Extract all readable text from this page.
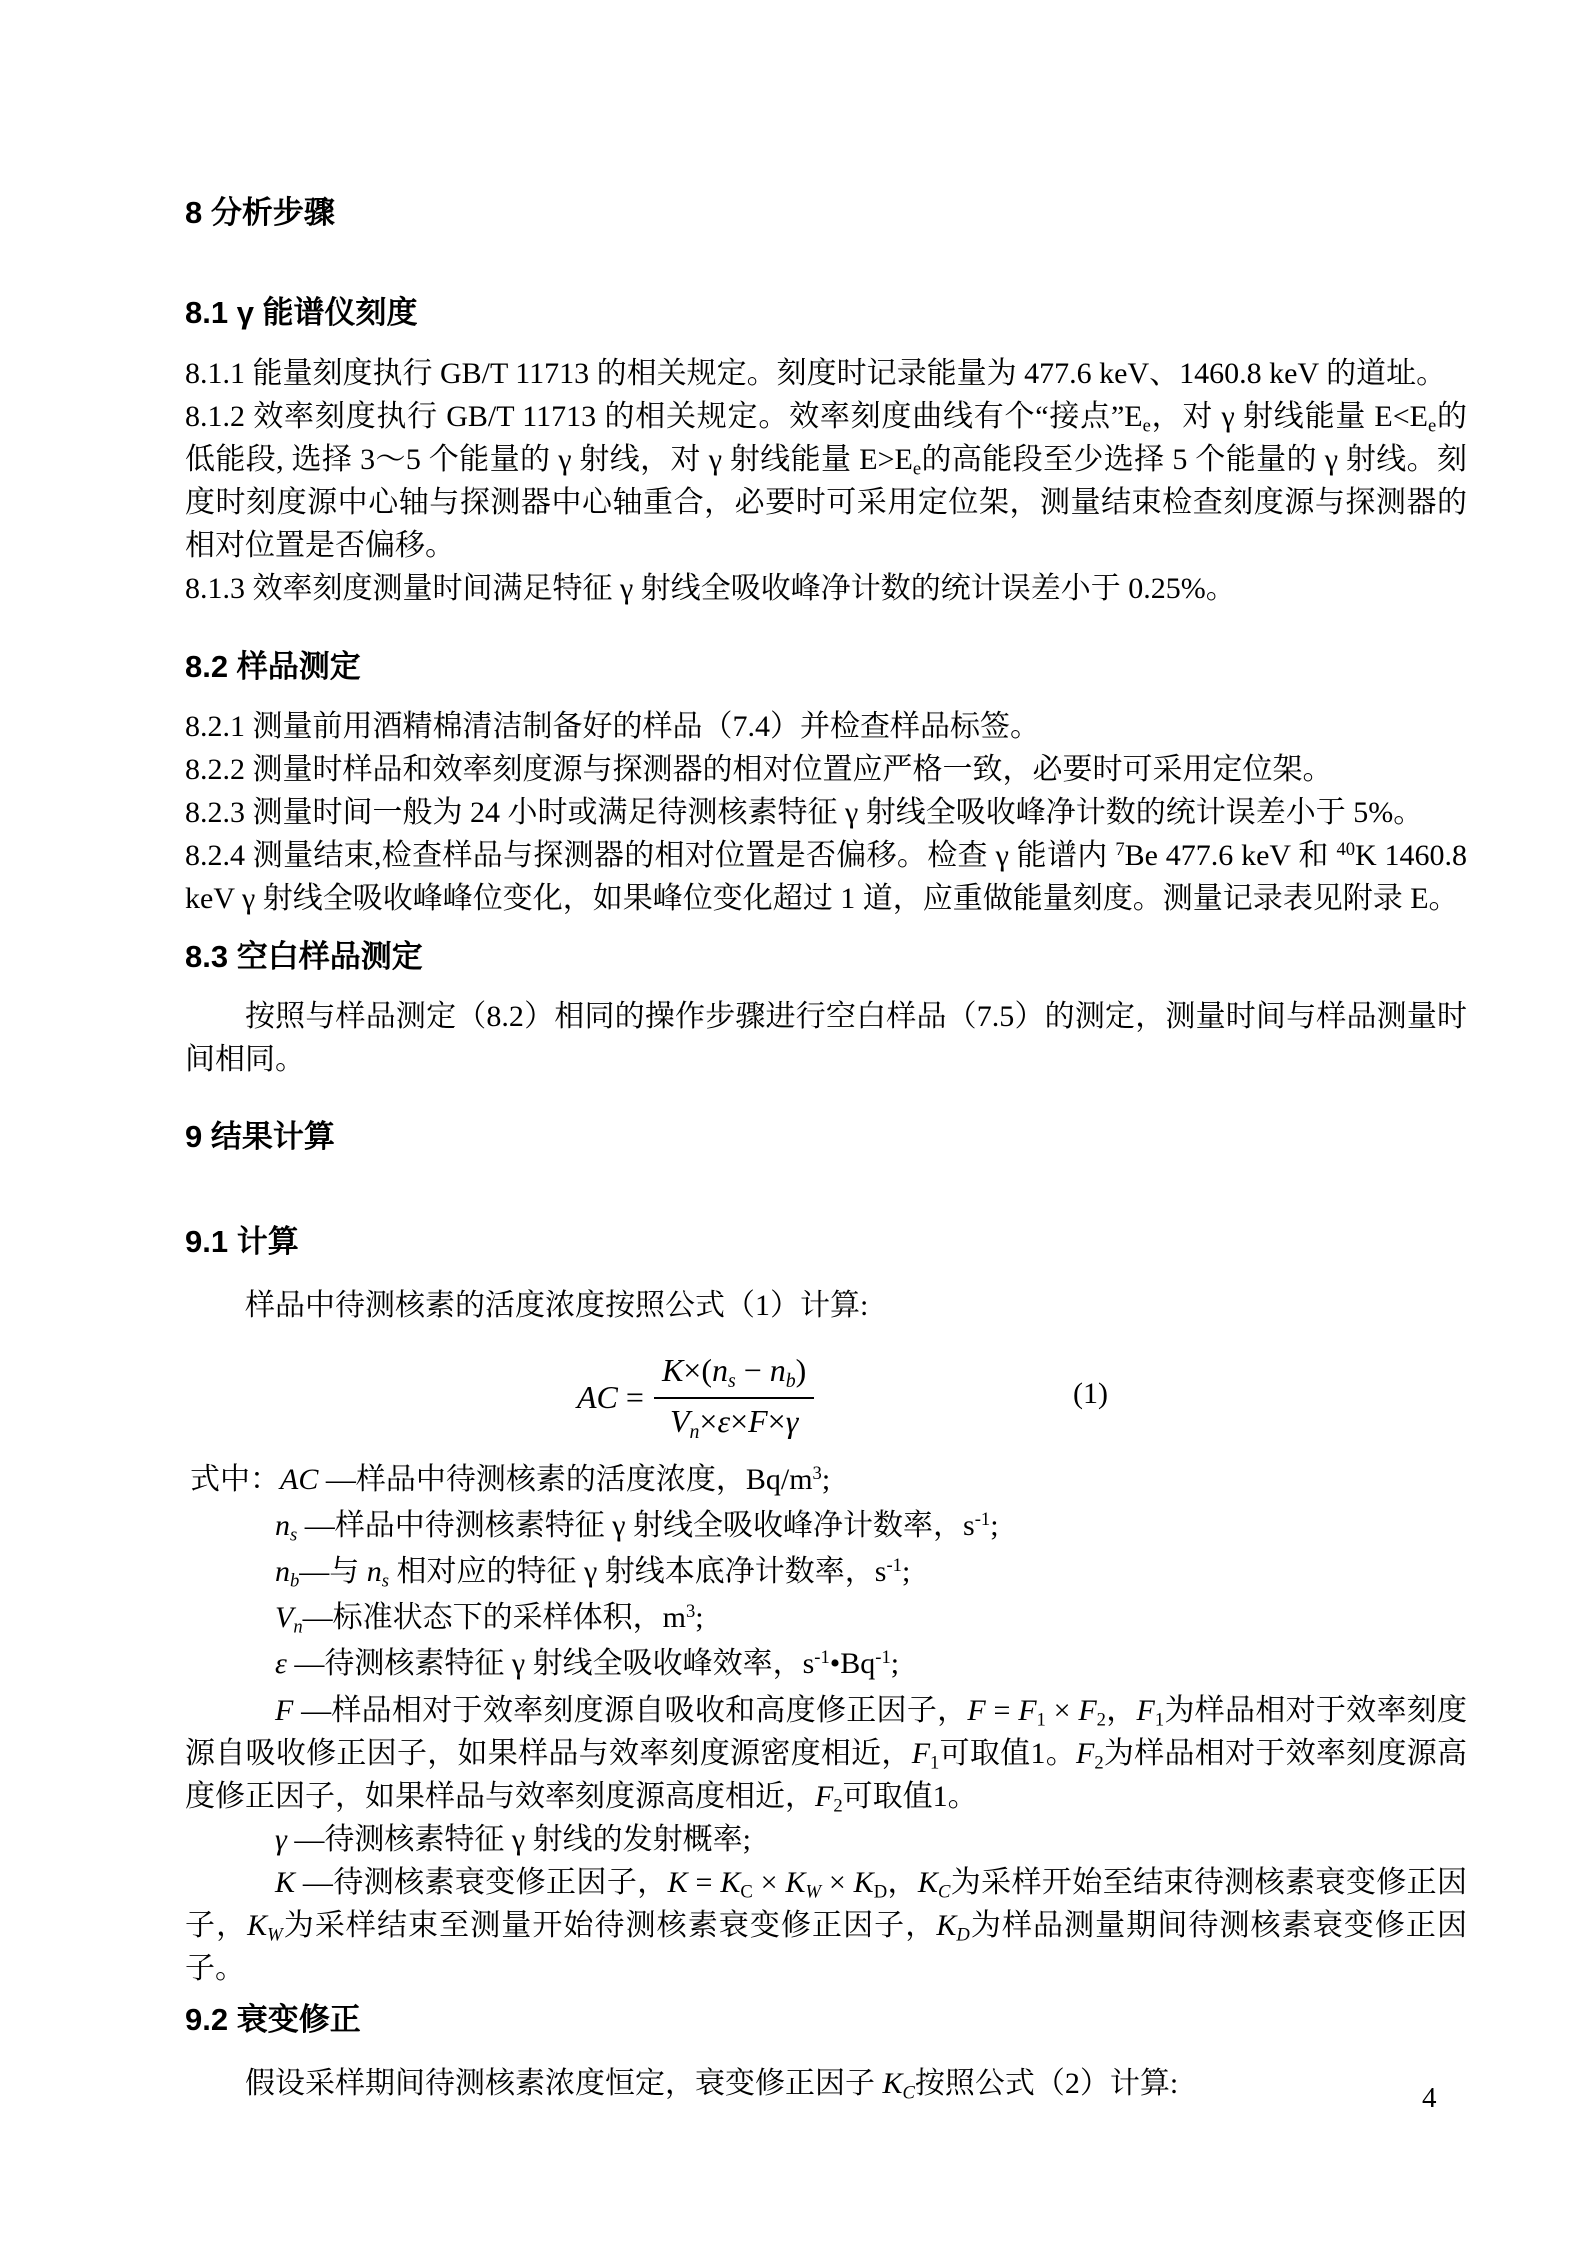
8 分析步骤
8.1 γ 能谱仪刻度

8.1.1 能量刻度执行 GB/T 11713 的相关规定。刻度时记录能量为 477.6 keV、1460.8 keV 的道址。

8.1.2 效率刻度执行 GB/T 11713 的相关规定。效率刻度曲线有个“接点”Ee，对 γ 射线能量 E<Ee的低能段, 选择 3～5 个能量的 γ 射线，对 γ 射线能量 E>Ee的高能段至少选择 5 个能量的 γ 射线。刻度时刻度源中心轴与探测器中心轴重合，必要时可采用定位架，测量结束检查刻度源与探测器的相对位置是否偏移。

8.1.3 效率刻度测量时间满足特征 γ 射线全吸收峰净计数的统计误差小于 0.25%。

8.2 样品测定

8.2.1 测量前用酒精棉清洁制备好的样品（7.4）并检查样品标签。

8.2.2 测量时样品和效率刻度源与探测器的相对位置应严格一致，必要时可采用定位架。

8.2.3 测量时间一般为 24 小时或满足待测核素特征 γ 射线全吸收峰净计数的统计误差小于 5%。

8.2.4 测量结束,检查样品与探测器的相对位置是否偏移。检查 γ 能谱内 $^7$Be 477.6 keV 和 $^{40}$K 1460.8 keV γ 射线全吸收峰峰位变化，如果峰位变化超过 1 道，应重做能量刻度。测量记录表见附录 E。

8.3 空白样品测定

按照与样品测定（8.2）相同的操作步骤进行空白样品（7.5）的测定，测量时间与样品测量时间相同。

9 结果计算
9.1 计算

样品中待测核素的活度浓度按照公式（1）计算:

AC = $\frac{K\times(ns - nb)}{Vn\times\varepsilon\times F\times\gamma}$	(1)

式中：AC —样品中待测核素的活度浓度，$Bq/m^3$;

ns —样品中待测核素特征 γ 射线全吸收峰净计数率，$s^{-1}$;

nb—与 ns 相对应的特征 γ 射线本底净计数率，$s^{-1}$;

Vn—标准状态下的采样体积，$m^3$;

ε —待测核素特征 γ 射线全吸收峰效率，$s^{-1}•Bq^{-1}$;

F —样品相对于效率刻度源自吸收和高度修正因子，F = F1 × F2，F1为样品相对于效率刻度源自吸收修正因子，如果样品与效率刻度源密度相近，F1可取值1。F2为样品相对于效率刻度源高度修正因子，如果样品与效率刻度源高度相近，F2可取值1。

γ —待测核素特征 γ 射线的发射概率;

K —待测核素衰变修正因子，K = KC × KW × KD，KC为采样开始至结束待测核素衰变修正因子，KW为采样结束至测量开始待测核素衰变修正因子，KD为样品测量期间待测核素衰变修正因子。

9.2 衰变修正

假设采样期间待测核素浓度恒定，衰变修正因子 KC按照公式（2）计算:	4
